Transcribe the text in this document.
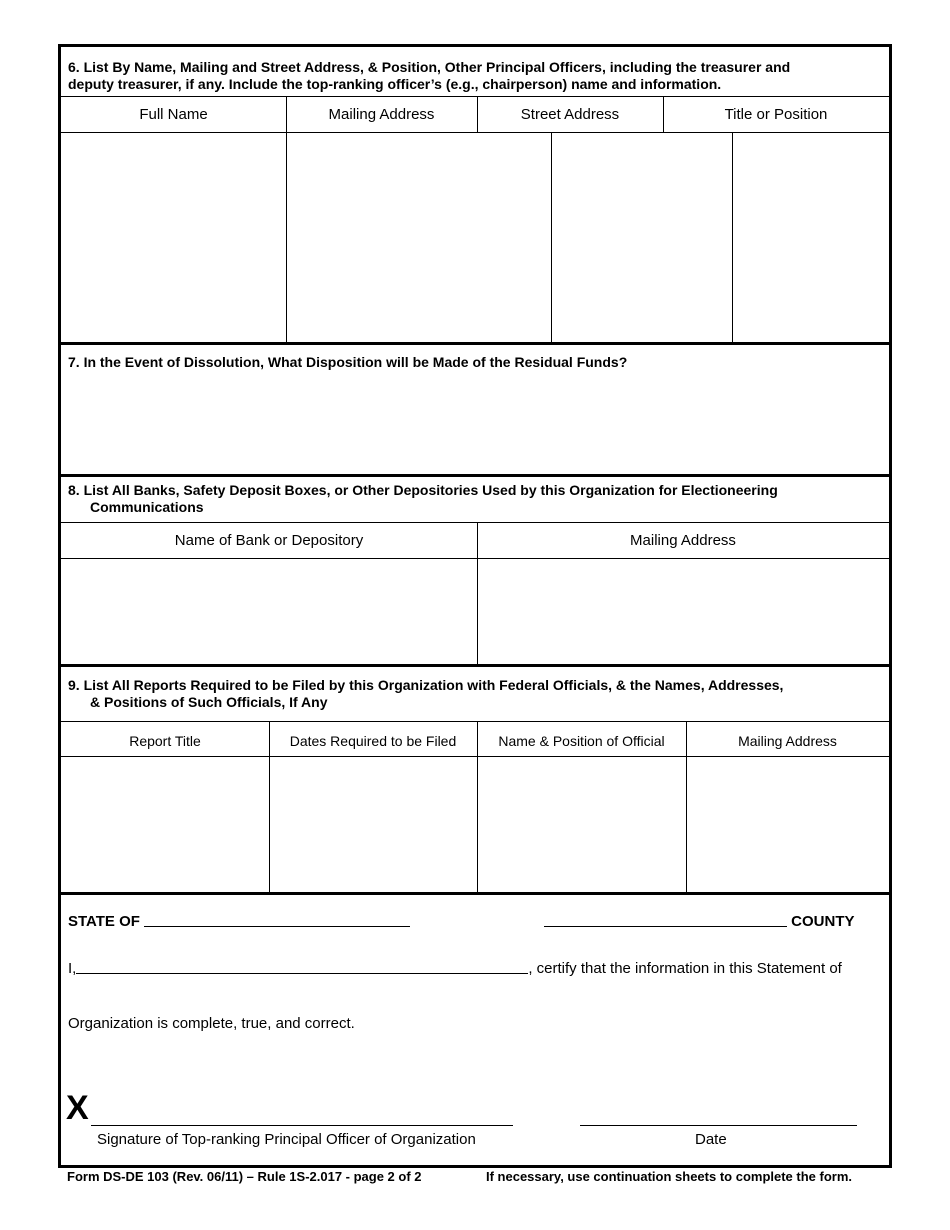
6. List By Name, Mailing and Street Address, & Position, Other Principal Officers, including the treasurer and
deputy treasurer, if any. Include the top-ranking officer’s (e.g., chairperson) name and information.
Full Name	Mailing Address	Street Address	Title or Position
7. In the Event of Dissolution, What Disposition will be Made of the Residual Funds?
8. List All Banks, Safety Deposit Boxes, or Other Depositories Used by this Organization for Electioneering
Communications
Name of Bank or Depository	Mailing Address
9. List All Reports Required to be Filed by this Organization with Federal Officials, & the Names, Addresses,
& Positions of Such Officials, If Any
Report Title	Dates Required to be Filed	Name & Position of Official	Mailing Address
STATE OF	COUNTY
I,	, certify that the information in this Statement of
Organization is complete, true, and correct.
X
Signature of Top-ranking Principal Officer of Organization	Date
Form DS-DE 103 (Rev. 06/11) – Rule 1S-2.017 - page 2 of 2	If necessary, use continuation sheets to complete the form.
